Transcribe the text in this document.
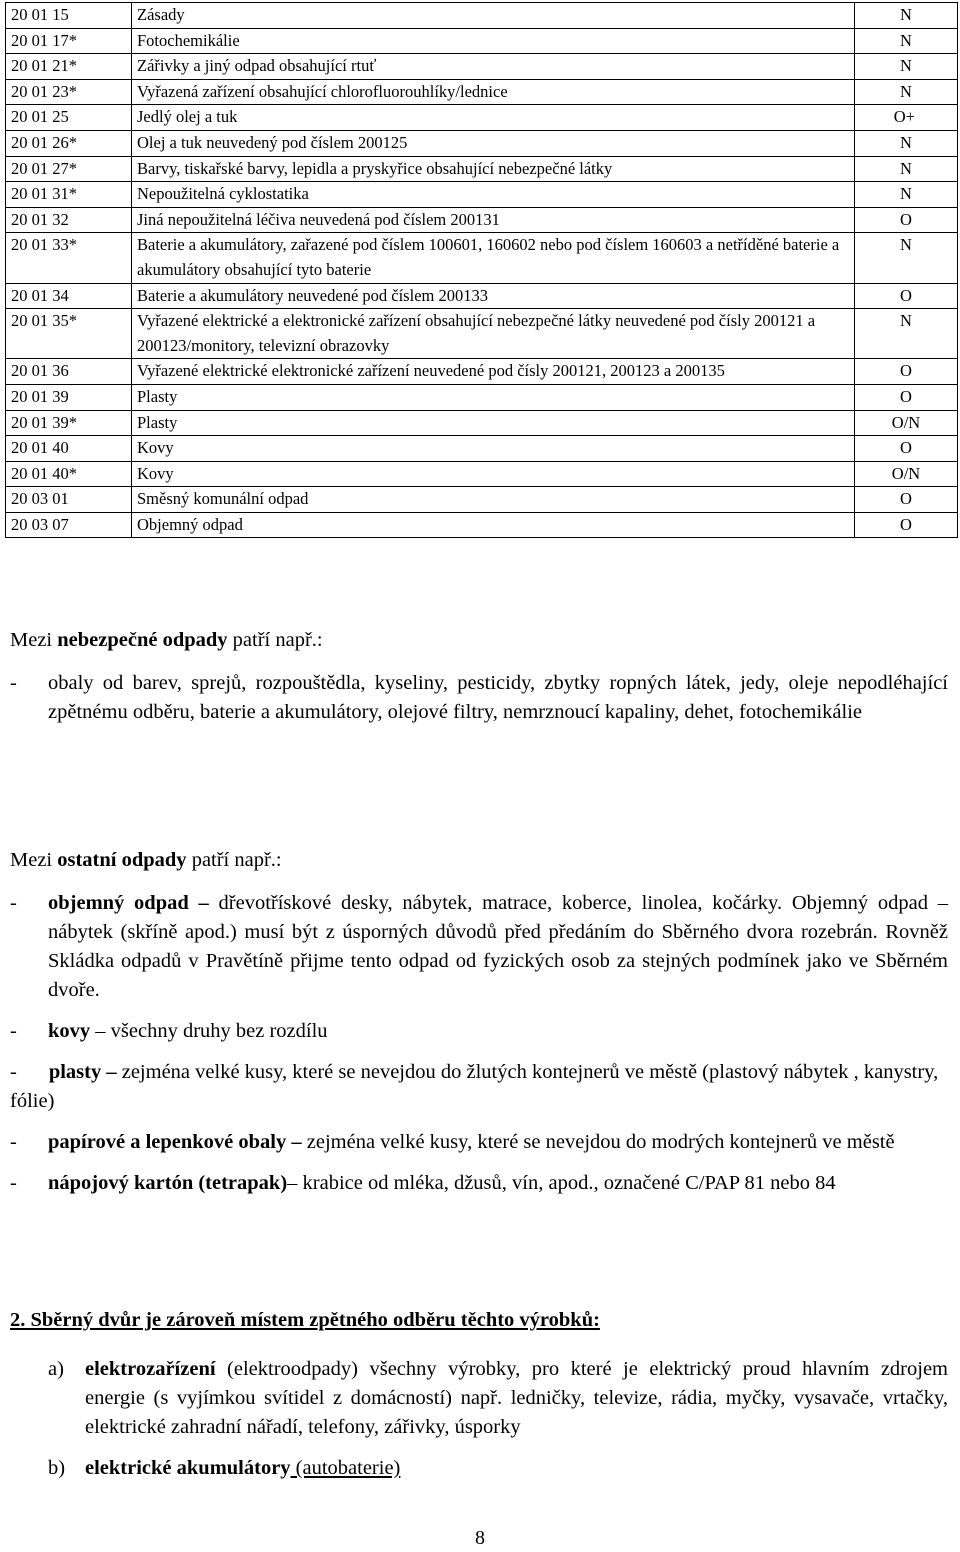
20 01 15	Zásady	N
20 01 17*	Fotochemikálie	N
20 01 21*	Zářivky a jiný odpad obsahující rtuť	N
20 01 23*	Vyřazená zařízení obsahující chlorofluorouhlíky/lednice	N
20 01 25	Jedlý olej a tuk	O+
20 01 26*	Olej a tuk neuvedený pod číslem 200125	N
20 01 27*	Barvy, tiskařské barvy, lepidla a pryskyřice obsahující nebezpečné látky	N
20 01 31*	Nepoužitelná cyklostatika	N
20 01 32	Jiná nepoužitelná léčiva neuvedená pod číslem 200131	O
20 01 33*	Baterie a akumulátory, zařazené pod číslem 100601, 160602 nebo pod číslem 160603 a netříděné baterie a akumulátory obsahující tyto baterie	N
20 01 34	Baterie a akumulátory neuvedené pod číslem 200133	O
20 01 35*	Vyřazené elektrické a elektronické zařízení obsahující nebezpečné látky neuvedené pod čísly 200121 a 200123/monitory, televizní obrazovky	N
20 01 36	Vyřazené elektrické elektronické zařízení neuvedené pod čísly 200121, 200123 a 200135	O
20 01 39	Plasty	O
20 01 39*	Plasty	O/N
20 01 40	Kovy	O
20 01 40*	Kovy	O/N
20 03 01	Směsný komunální odpad	O
20 03 07	Objemný odpad	O

Mezi nebezpečné odpady patří např.:

- obaly od barev, sprejů, rozpouštědla, kyseliny, pesticidy, zbytky ropných látek, jedy, oleje nepodléhající zpětnému odběru, baterie a akumulátory, olejové filtry, nemrznoucí kapaliny, dehet, fotochemikálie

Mezi ostatní odpady patří např.:

- objemný odpad – dřevotřískové desky, nábytek, matrace, koberce, linolea, kočárky. Objemný odpad – nábytek (skříně apod.) musí být z úsporných důvodů před předáním do Sběrného dvora rozebrán. Rovněž Skládka odpadů v Pravětíně přijme tento odpad od fyzických osob za stejných podmínek jako ve Sběrném dvoře.

- kovy – všechny druhy bez rozdílu

- plasty – zejména velké kusy, které se nevejdou do žlutých kontejnerů ve městě (plastový nábytek , kanystry, fólie)

- papírové a lepenkové obaly – zejména velké kusy, které se nevejdou do modrých kontejnerů ve městě

- nápojový kartón (tetrapak)– krabice od mléka, džusů, vín, apod., označené C/PAP 81 nebo 84

2. Sběrný dvůr je zároveň místem zpětného odběru těchto výrobků:

a) elektrozařízení (elektroodpady) všechny výrobky, pro které je elektrický proud hlavním zdrojem energie (s vyjímkou svítidel z domácností) např. ledničky, televize, rádia, myčky, vysavače, vrtačky, elektrické zahradní nářadí, telefony, zářivky, úsporky

b) elektrické akumulátory (autobaterie)

8
